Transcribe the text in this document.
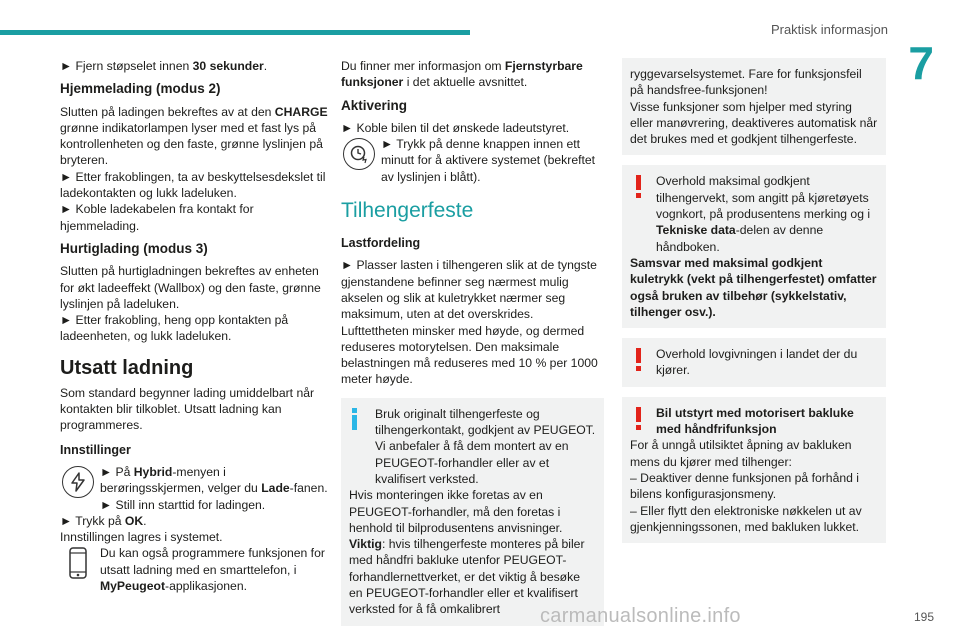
Praktisk informasjon
7

► Fjern støpselet innen 30 sekunder.

Hjemmelading (modus 2)

Slutten på ladingen bekreftes av at den CHARGE grønne indikatorlampen lyser med et fast lys på kontrollenheten og den faste, grønne lyslinjen på bryteren.

► Etter frakoblingen, ta av beskyttelsesdekslet til ladekontakten og lukk ladeluken.

► Koble ladekabelen fra kontakt for hjemmelading.

Hurtiglading (modus 3)

Slutten på hurtigladningen bekreftes av enheten for økt ladeeffekt (Wallbox) og den faste, grønne lyslinjen på ladeluken.

► Etter frakobling, heng opp kontakten på ladeenheten, og lukk ladeluken.

Utsatt ladning

Som standard begynner lading umiddelbart når kontakten blir tilkoblet. Utsatt ladning kan programmeres.

Innstillinger

► På Hybrid-menyen i berøringsskjermen, velger du Lade-fanen.

► Still inn starttid for ladingen.

► Trykk på OK.

Innstillingen lagres i systemet.

Du kan også programmere funksjonen for utsatt ladning med en smarttelefon, i MyPeugeot-applikasjonen.

Du finner mer informasjon om Fjernstyrbare funksjoner i det aktuelle avsnittet.

Aktivering

► Koble bilen til det ønskede ladeutstyret.

► Trykk på denne knappen innen ett minutt for å aktivere systemet (bekreftet av lyslinjen i blått).

Tilhengerfeste
Lastfordeling

► Plasser lasten i tilhengeren slik at de tyngste gjenstandene befinner seg nærmest mulig akselen og slik at kuletrykket nærmer seg maksimum, uten at det overskrides.

Lufttettheten minsker med høyde, og dermed reduseres motorytelsen. Den maksimale belastningen må reduseres med 10 % per 1000 meter høyde.

Bruk originalt tilhengerfeste og tilhengerkontakt, godkjent av PEUGEOT. Vi anbefaler å få dem montert av en PEUGEOT-forhandler eller av et kvalifisert verksted.

Hvis monteringen ikke foretas av en PEUGEOT-forhandler, må den foretas i henhold til bilprodusentens anvisninger.

Viktig: hvis tilhengerfeste monteres på biler med håndfri bakluke utenfor PEUGEOT-forhandlernettverket, er det viktig å besøke en PEUGEOT-forhandler eller et kvalifisert verksted for å få omkalibrert

ryggevarselsystemet. Fare for funksjonsfeil på handsfree-funksjonen!

Visse funksjoner som hjelper med styring eller manøvrering, deaktiveres automatisk når det brukes med et godkjent tilhengerfeste.

Overhold maksimal godkjent tilhengervekt, som angitt på kjøretøyets vognkort, på produsentens merking og i Tekniske data-delen av denne håndboken.

Samsvar med maksimal godkjent kuletrykk (vekt på tilhengerfestet) omfatter også bruken av tilbehør (sykkelstativ, tilhenger osv.).

Overhold lovgivningen i landet der du kjører.

Bil utstyrt med motorisert bakluke med håndfrifunksjon

For å unngå utilsiktet åpning av bakluken mens du kjører med tilhenger:

– Deaktiver denne funksjonen på forhånd i bilens konfigurasjonsmeny.

– Eller flytt den elektroniske nøkkelen ut av gjenkjenningssonen, med bakluken lukket.

carmanualsonline.info	195
